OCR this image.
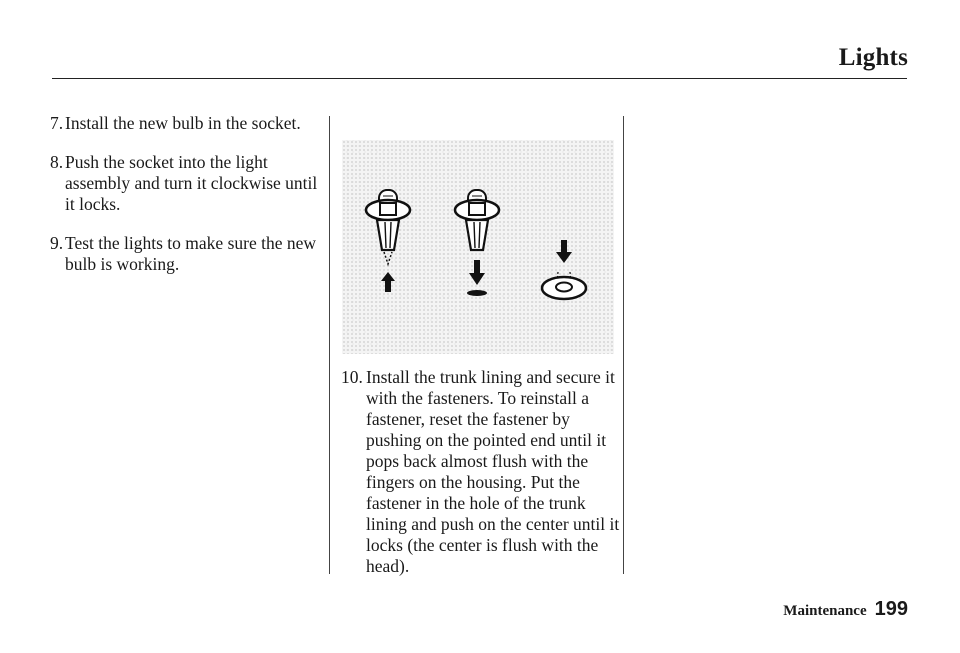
Lights
7. Install the new bulb in the socket.
8. Push the socket into the light assembly and turn it clockwise until it locks.
9. Test the lights to make sure the new bulb is working.
10. Install the trunk lining and secure it with the fasteners. To reinstall a fastener, reset the fastener by pushing on the pointed end until it pops back almost flush with the fingers on the housing. Put the fastener in the hole of the trunk lining and push on the center until it locks (the center is flush with the head).
Maintenance 199
